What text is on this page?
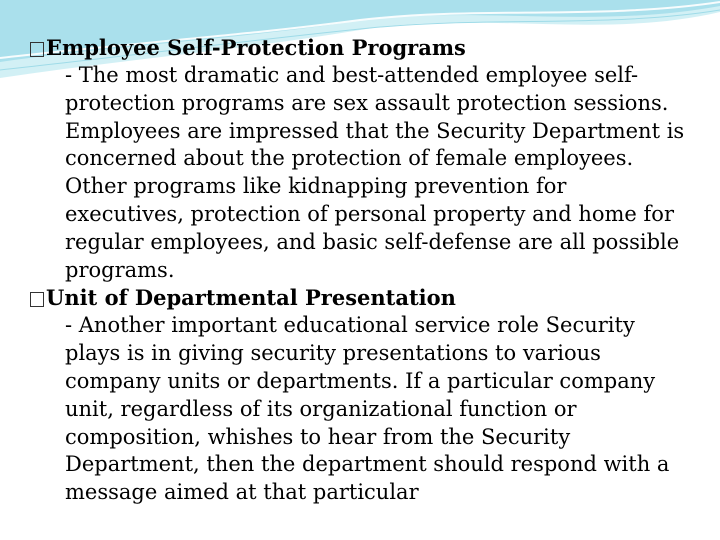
Employee Self-Protection Programs

- The most dramatic and best-attended employee self-protection programs are sex assault protection sessions. Employees are impressed that the Security Department is concerned about the protection of female employees. Other programs like kidnapping prevention for executives, protection of personal property and home for regular employees, and basic self-defense are all possible programs.

Unit of Departmental Presentation

- Another important educational service role Security plays is in giving security presentations to various company units or departments. If a particular company unit, regardless of its organizational function or composition, whishes to hear from the Security Department, then the department should respond with a message aimed at that particular
